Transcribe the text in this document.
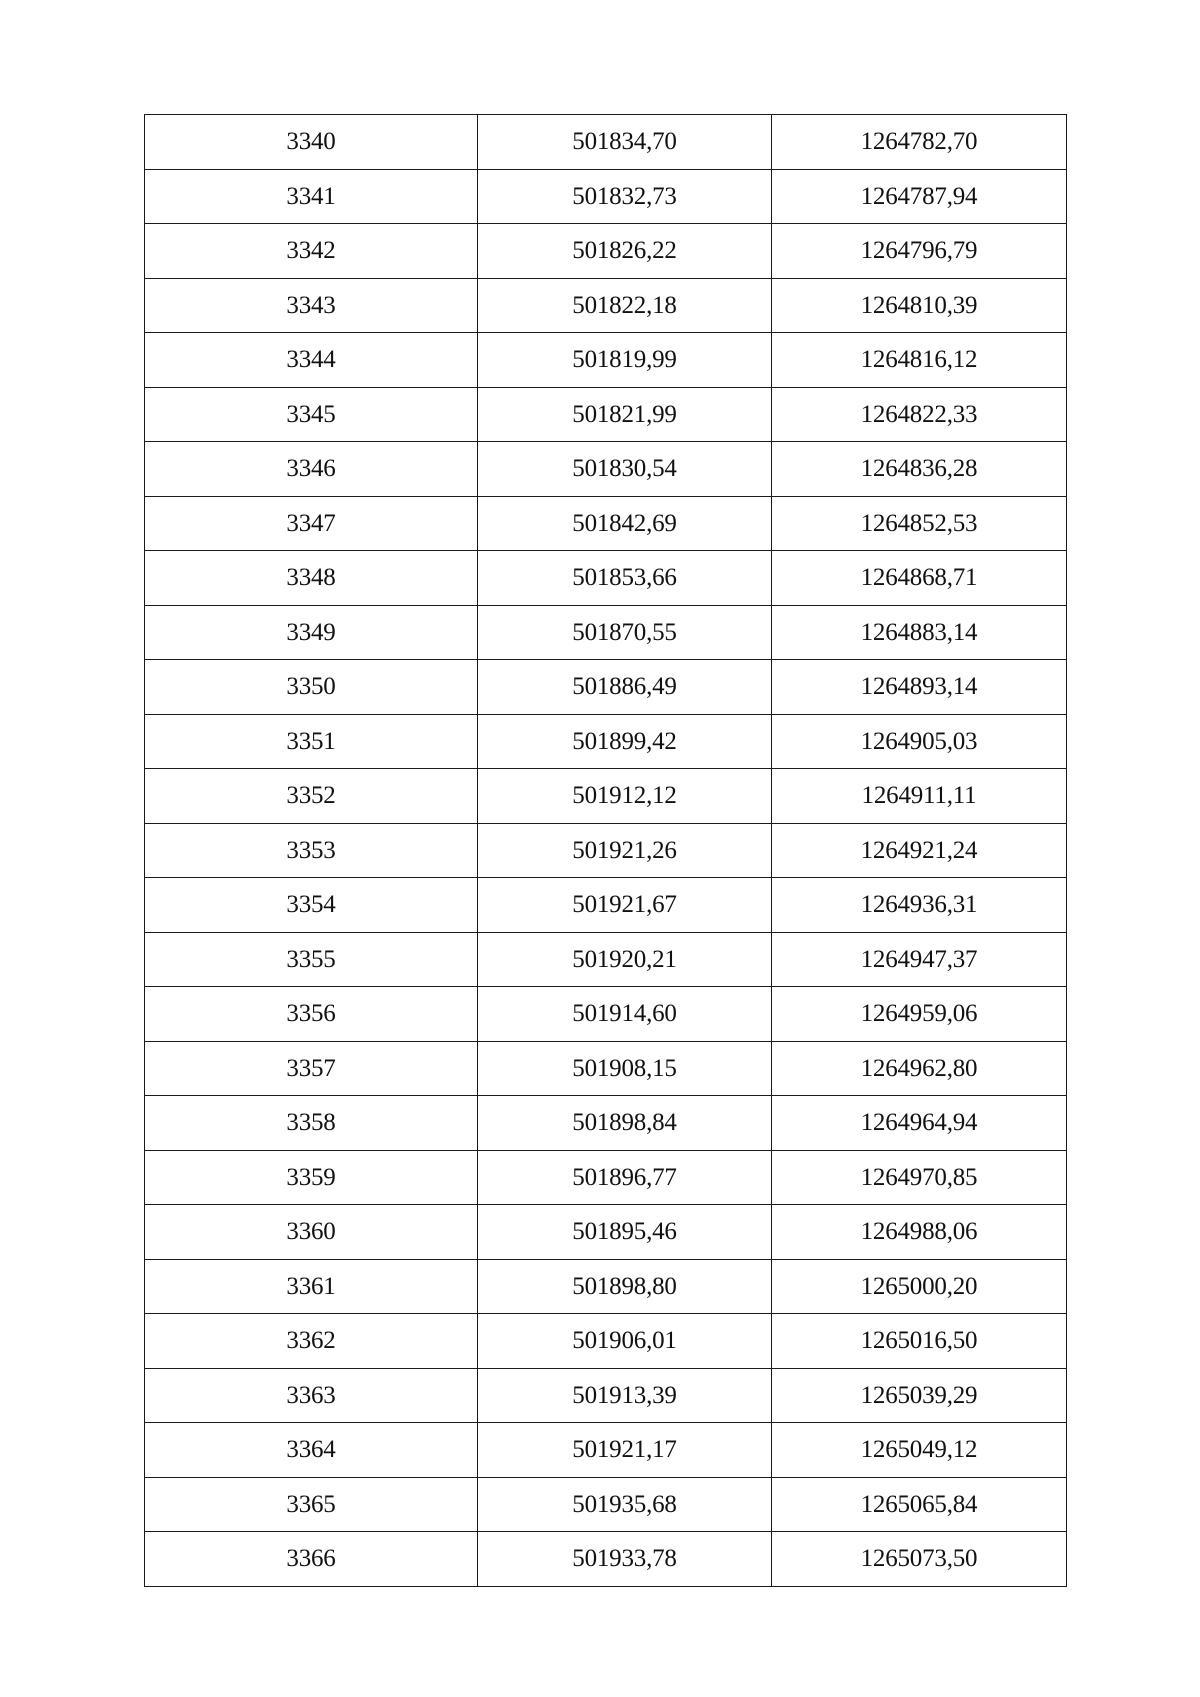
3340	501834,70	1264782,70
3341	501832,73	1264787,94
3342	501826,22	1264796,79
3343	501822,18	1264810,39
3344	501819,99	1264816,12
3345	501821,99	1264822,33
3346	501830,54	1264836,28
3347	501842,69	1264852,53
3348	501853,66	1264868,71
3349	501870,55	1264883,14
3350	501886,49	1264893,14
3351	501899,42	1264905,03
3352	501912,12	1264911,11
3353	501921,26	1264921,24
3354	501921,67	1264936,31
3355	501920,21	1264947,37
3356	501914,60	1264959,06
3357	501908,15	1264962,80
3358	501898,84	1264964,94
3359	501896,77	1264970,85
3360	501895,46	1264988,06
3361	501898,80	1265000,20
3362	501906,01	1265016,50
3363	501913,39	1265039,29
3364	501921,17	1265049,12
3365	501935,68	1265065,84
3366	501933,78	1265073,50
